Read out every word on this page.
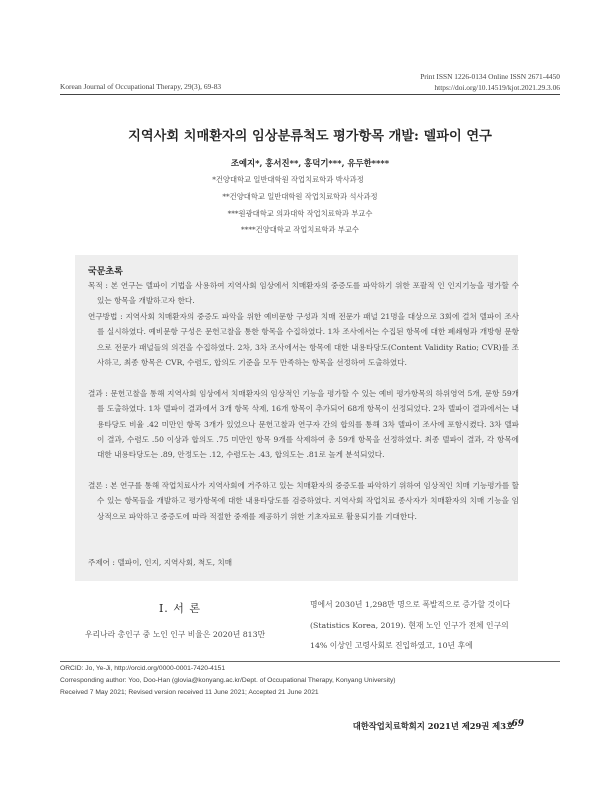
Print ISSN 1226-0134 Online ISSN 2671-4450
https://doi.org/10.14519/kjot.2021.29.3.06
Korean Journal of Occupational Therapy, 29(3), 69-83
지역사회 치매환자의 임상분류척도 평가항목 개발: 델파이 연구
조예지*, 홍서진**, 홍덕기***, 유두한****
*건양대학교 일반대학원 작업치료학과 박사과정
**건양대학교 일반대학원 작업치료학과 석사과정
***원광대학교 의과대학 작업치료학과 부교수
****건양대학교 작업치료학과 부교수
국문초록
목적 : 본 연구는 델파이 기법을 사용하여 지역사회 임상에서 치매환자의 중증도를 파악하기 위한 포괄적 인 인지기능을 평가할 수 있는 항목을 개발하고자 한다.
연구방법 : 지역사회 치매환자의 중증도 파악을 위한 예비문항 구성과 치매 전문가 패널 21명을 대상으로 3회에 걸쳐 델파이 조사를 실시하였다. 예비문항 구성은 문헌고찰을 통한 항목을 수집하였다. 1차 조사에서는 수집된 항목에 대한 폐쇄형과 개방형 문항으로 전문가 패널들의 의견을 수집하였다. 2차, 3차 조사에서는 항목에 대한 내용타당도(Content Validity Ratio; CVR)를 조사하고, 최종 항목은 CVR, 수렴도, 합의도 기준을 모두 만족하는 항목을 선정하여 도출하였다.
결과 : 문헌고찰을 통해 지역사회 임상에서 치매환자의 임상적인 기능을 평가할 수 있는 예비 평가항목의 하위영역 5개, 문항 59개를 도출하였다. 1차 델파이 결과에서 3개 항목 삭제, 16개 항목이 추가되어 68개 항목이 선정되었다. 2차 델파이 결과에서는 내용타당도 비율 .42 미만인 항목 3개가 있었으나 문헌고찰과 연구자 간의 합의를 통해 3차 델파이 조사에 포함시켰다. 3차 델파이 결과, 수렴도 .50 이상과 합의도 .75 미만인 항목 9개를 삭제하여 총 59개 항목을 선정하였다. 최종 델파이 결과, 각 항목에 대한 내용타당도는 .89, 안정도는 .12, 수렴도는 .43, 합의도는 .81로 높게 분석되었다.
결론 : 본 연구를 통해 작업치료사가 지역사회에 거주하고 있는 치매환자의 중증도를 파악하기 위하여 임상적인 치매 기능평가를 할 수 있는 항목들을 개발하고 평가항목에 대한 내용타당도를 검증하였다. 지역사회 작업치료 종사자가 치매환자의 치매 기능을 임상적으로 파악하고 중증도에 따라 적절한 중재를 제공하기 위한 기초자료로 활용되기를 기대한다.
주제어 : 델파이, 인지, 지역사회, 척도, 치매
Ⅰ. 서 론
우리나라 총인구 중 노인 인구 비율은 2020년 813만
명에서 2030년 1,298만 명으로 폭발적으로 증가할 것이다(Statistics Korea, 2019). 현재 노인 인구가 전체 인구의 14% 이상인 고령사회로 진입하였고, 10년 후에
ORCID: Jo, Ye-Ji, http://orcid.org/0000-0001-7420-4151
Corresponding author: Yoo, Doo-Han (glovia@konyang.ac.kr/Dept. of Occupational Therapy, Konyang University)
Received 7 May 2021; Revised version received 11 June 2021; Accepted 21 June 2021
대한작업치료학회지 2021년 제29권 제3호
69
